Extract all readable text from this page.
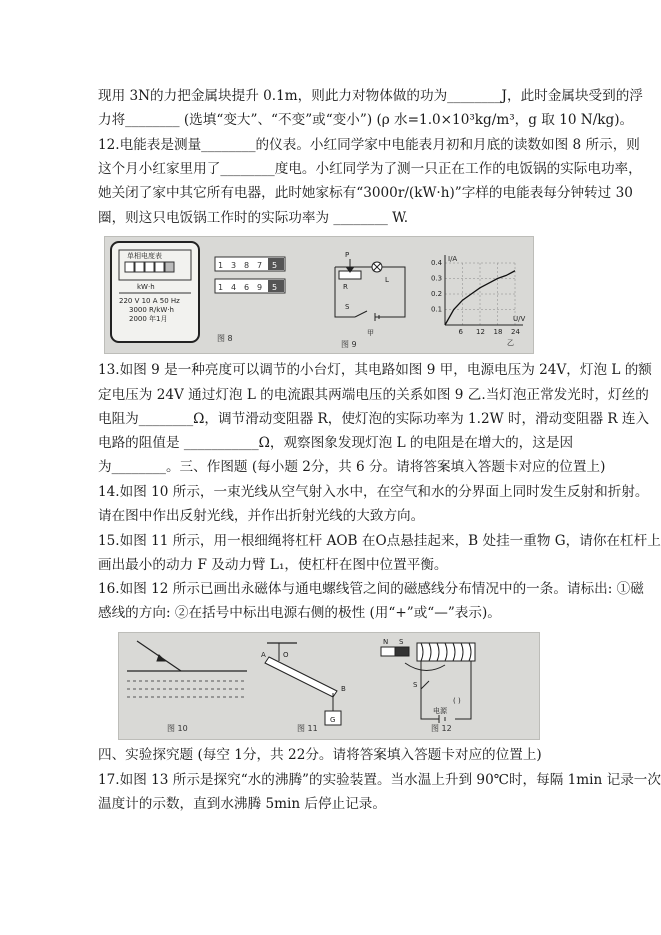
现用 3N的力把金属块提升 0.1m，则此力对物体做的功为________J，此时金属块受到的浮
力将________ (选填“变大”、“不变”或“变小”) (ρ 水=1.0×10³kg/m³，g 取 10 N/kg)。
12.电能表是测量________的仪表。小红同学家中电能表月初和月底的读数如图 8 所示，则
这个月小红家里用了________度电。小红同学为了测一只正在工作的电饭锅的实际电功率，
她关闭了家中其它所有电器，此时她家标有“3000r/(kW·h)”字样的电能表每分钟转过 30
圈，则这只电饭锅工作时的实际功率为 ________ W.
单相电度表
kW·h
220 V 10 A 50 Hz
3000 R/kW·h
2000 年1月
1 3 8 7 5
1 4 6 9 5
图 8
P
R
L
S
甲
图 9
6 12 18 24
0.1
0.2
0.3
0.4
U/V
I/A
乙
13.如图 9 是一种亮度可以调节的小台灯，其电路如图 9 甲，电源电压为 24V，灯泡 L 的额
定电压为 24V 通过灯泡 L 的电流跟其两端电压的关系如图 9 乙.当灯泡正常发光时，灯丝的
电阻为________Ω，调节滑动变阻器 R，使灯泡的实际功率为 1.2W 时，滑动变阻器 R 连入
电路的阻值是 ___________Ω，观察图象发现灯泡 L 的电阻是在增大的，这是因
为________。三、作图题 (每小题 2分，共 6 分。请将答案填入答题卡对应的位置上)
14.如图 10 所示，一束光线从空气射入水中，在空气和水的分界面上同时发生反射和折射。
请在图中作出反射光线，并作出折射光线的大致方向。
15.如图 11 所示，用一根细绳将杠杆 AOB 在O点悬挂起来，B 处挂一重物 G，请你在杠杆上
画出最小的动力 F 及动力臂 L₁，使杠杆在图中位置平衡。
16.如图 12 所示已画出永磁体与通电螺线管之间的磁感线分布情况中的一条。请标出: ①磁
感线的方向: ②在括号中标出电源右侧的极性 (用“+”或“—”表示)。
图 10
A O
B
G
图 11
N S
S
( )
电源
图 12
四、实验探究题 (每空 1分，共 22分。请将答案填入答题卡对应的位置上)
17.如图 13 所示是探究“水的沸腾”的实验装置。当水温上升到 90℃时，每隔 1min 记录一次
温度计的示数，直到水沸腾 5min 后停止记录。
